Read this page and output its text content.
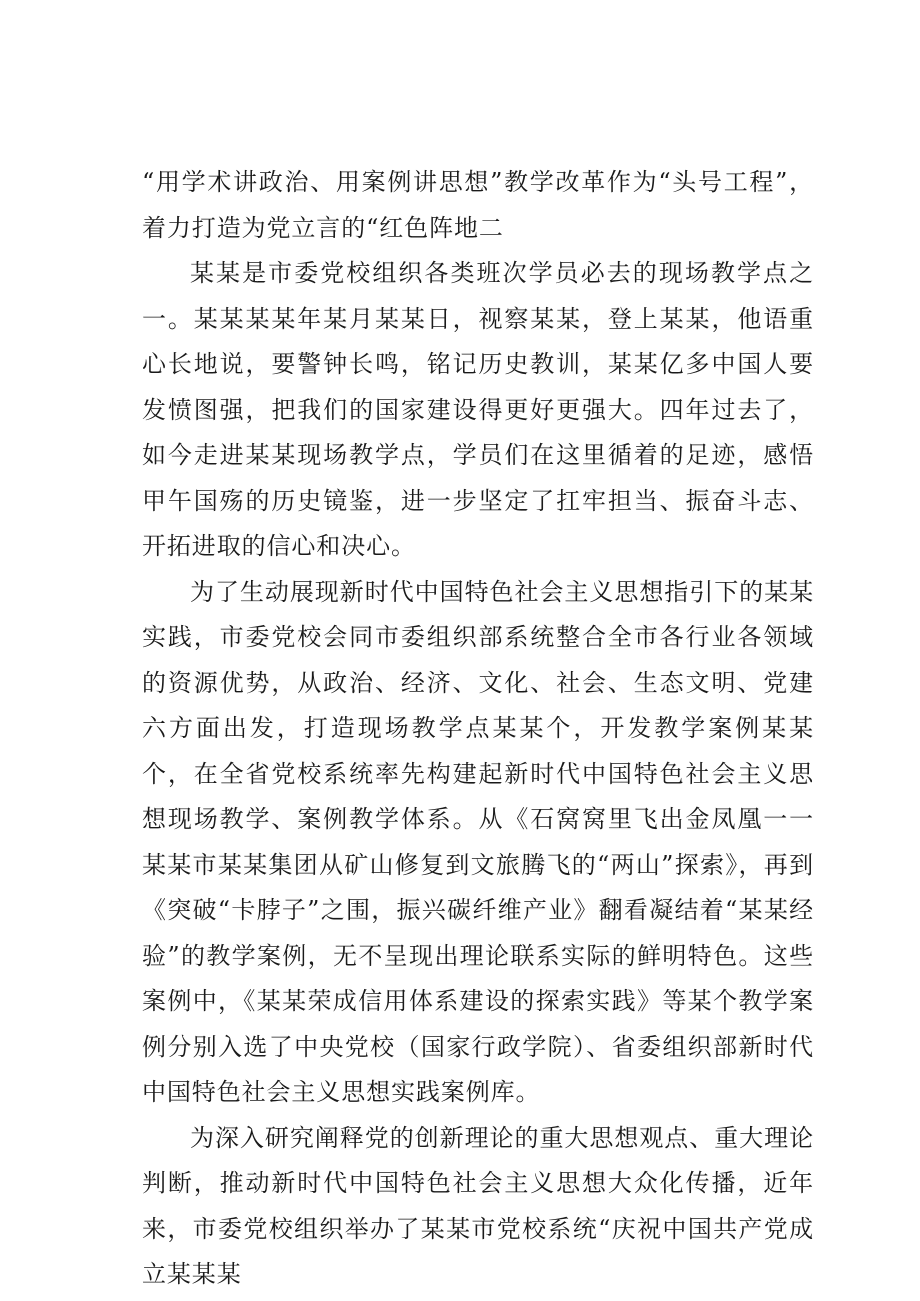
“用学术讲政治、用案例讲思想”教学改革作为“头号工程”，着力打造为党立言的“红色阵地二

某某是市委党校组织各类班次学员必去的现场教学点之一。某某某某年某月某某日，视察某某，登上某某，他语重心长地说，要警钟长鸣，铭记历史教训，某某亿多中国人要发愤图强，把我们的国家建设得更好更强大。四年过去了，如今走进某某现场教学点，学员们在这里循着的足迹，感悟甲午国殇的历史镜鉴，进一步坚定了扛牢担当、振奋斗志、开拓进取的信心和决心。

为了生动展现新时代中国特色社会主义思想指引下的某某实践，市委党校会同市委组织部系统整合全市各行业各领域的资源优势，从政治、经济、文化、社会、生态文明、党建六方面出发，打造现场教学点某某个，开发教学案例某某个，在全省党校系统率先构建起新时代中国特色社会主义思想现场教学、案例教学体系。从《石窝窝里飞出金凤凰一一某某市某某集团从矿山修复到文旅腾飞的“两山”探索》，再到《突破“卡脖子”之围，振兴碳纤维产业》翻看凝结着“某某经验”的教学案例，无不呈现出理论联系实际的鲜明特色。这些案例中，《某某荣成信用体系建设的探索实践》等某个教学案例分别入选了中央党校（国家行政学院）、省委组织部新时代中国特色社会主义思想实践案例库。

为深入研究阐释党的创新理论的重大思想观点、重大理论判断，推动新时代中国特色社会主义思想大众化传播，近年来，市委党校组织举办了某某市党校系统“庆祝中国共产党成立某某某
